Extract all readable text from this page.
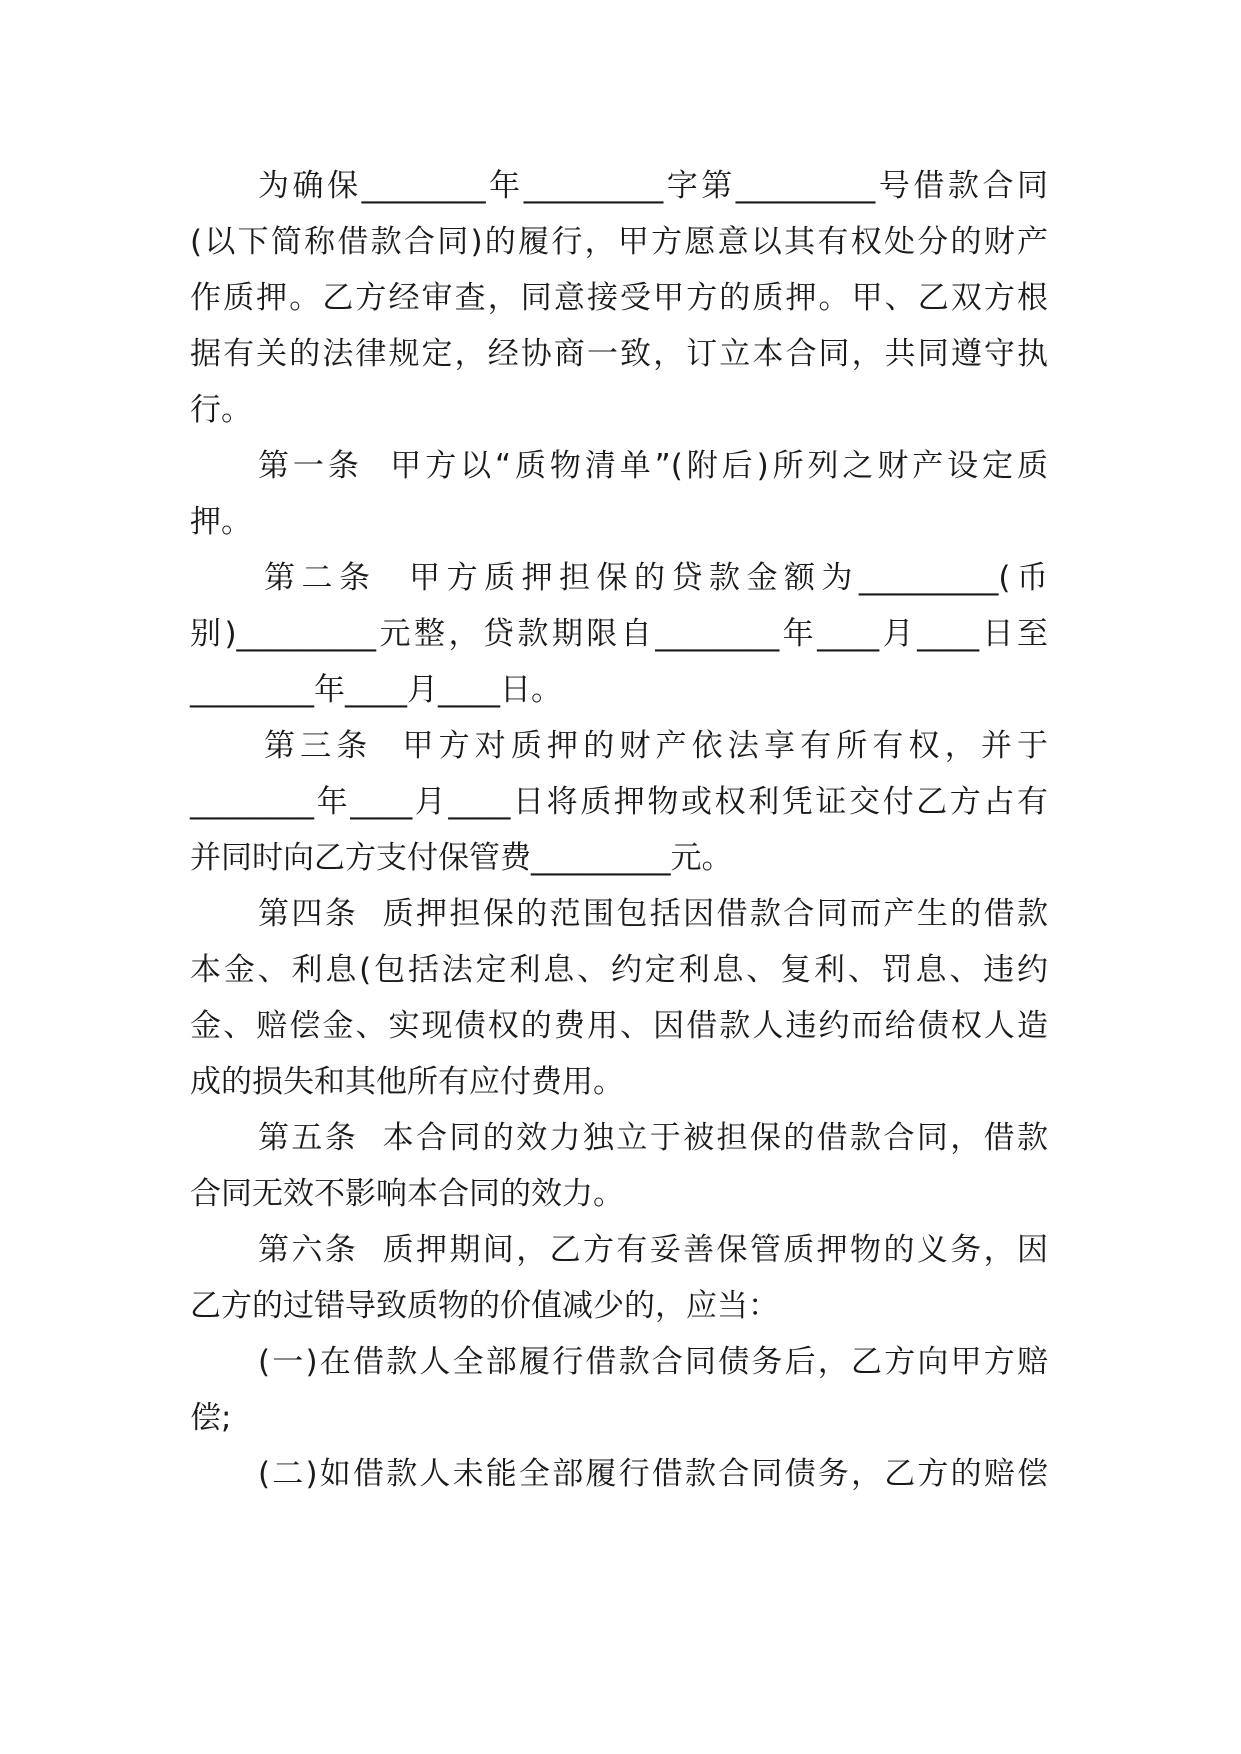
为确保________年_________字第_________号借款合同
(以下简称借款合同)的履行，甲方愿意以其有权处分的财产
作质押。乙方经审查，同意接受甲方的质押。甲、乙双方根
据有关的法律规定，经协商一致，订立本合同，共同遵守执
行。
第一条  甲方以“质物清单”(附后)所列之财产设定质
押。
第二条  甲方质押担保的贷款金额为_________(币
别)_________元整，贷款期限自________年____月____日至
________年____月____日。
第三条  甲方对质押的财产依法享有所有权，并于
________年____月____日将质押物或权利凭证交付乙方占有
并同时向乙方支付保管费_________元。
第四条  质押担保的范围包括因借款合同而产生的借款
本金、利息(包括法定利息、约定利息、复利、罚息、违约
金、赔偿金、实现债权的费用、因借款人违约而给债权人造
成的损失和其他所有应付费用。
第五条  本合同的效力独立于被担保的借款合同，借款
合同无效不影响本合同的效力。
第六条  质押期间，乙方有妥善保管质押物的义务，因
乙方的过错导致质物的价值减少的，应当：
(一)在借款人全部履行借款合同债务后，乙方向甲方赔
偿;
(二)如借款人未能全部履行借款合同债务，乙方的赔偿
